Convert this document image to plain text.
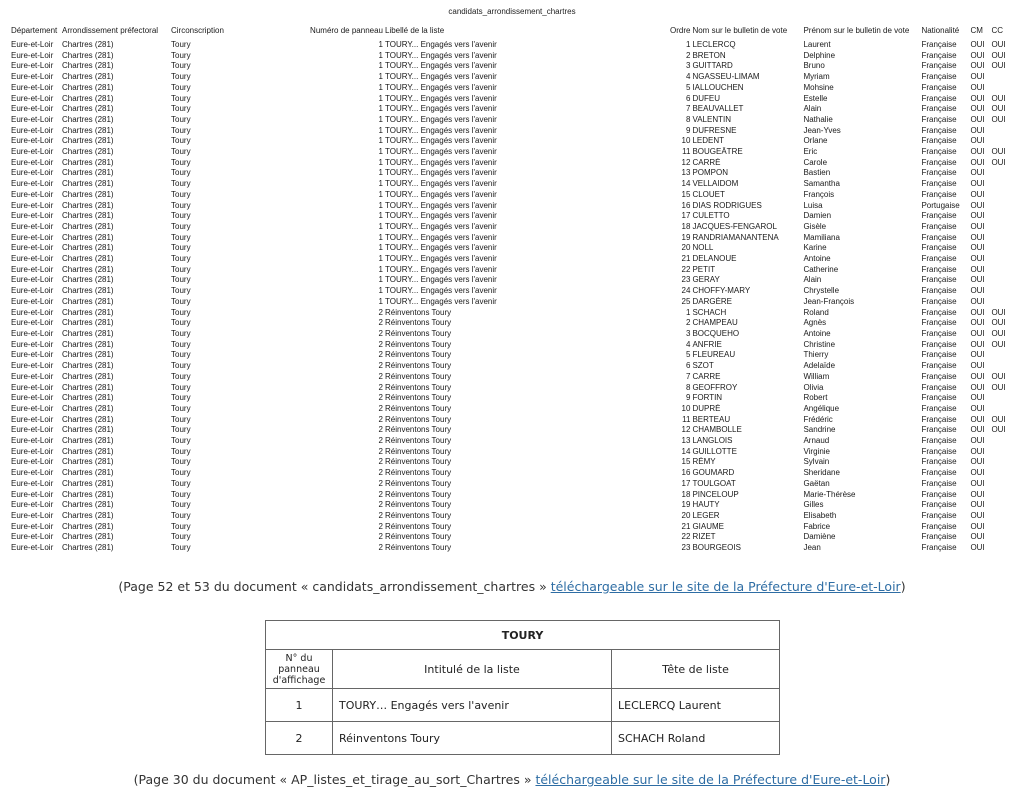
candidats_arrondissement_chartres
Département	Arrondissement préfectoral	Circonscription	Numéro de panneau	Libellé de la liste	Ordre	Nom sur le bulletin de vote	Prénom sur le bulletin de vote	Nationalité	CM	CC
Eure-et-Loir	Chartres (281)	Toury	1	TOURY... Engagés vers l'avenir	1	LECLERCQ	Laurent	Française	OUI	OUI
Eure-et-Loir	Chartres (281)	Toury	1	TOURY... Engagés vers l'avenir	2	BRETON	Delphine	Française	OUI	OUI
Eure-et-Loir	Chartres (281)	Toury	1	TOURY... Engagés vers l'avenir	3	GUITTARD	Bruno	Française	OUI	OUI
Eure-et-Loir	Chartres (281)	Toury	1	TOURY... Engagés vers l'avenir	4	NGASSEU-LIMAM	Myriam	Française	OUI	
Eure-et-Loir	Chartres (281)	Toury	1	TOURY... Engagés vers l'avenir	5	IALLOUCHEN	Mohsine	Française	OUI	
Eure-et-Loir	Chartres (281)	Toury	1	TOURY... Engagés vers l'avenir	6	DUFEU	Estelle	Française	OUI	OUI
Eure-et-Loir	Chartres (281)	Toury	1	TOURY... Engagés vers l'avenir	7	BEAUVALLET	Alain	Française	OUI	OUI
Eure-et-Loir	Chartres (281)	Toury	1	TOURY... Engagés vers l'avenir	8	VALENTIN	Nathalie	Française	OUI	OUI
Eure-et-Loir	Chartres (281)	Toury	1	TOURY... Engagés vers l'avenir	9	DUFRESNE	Jean-Yves	Française	OUI	
Eure-et-Loir	Chartres (281)	Toury	1	TOURY... Engagés vers l'avenir	10	LEDENT	Orlane	Française	OUI	
Eure-et-Loir	Chartres (281)	Toury	1	TOURY... Engagés vers l'avenir	11	BOUGEÂTRE	Eric	Française	OUI	OUI
Eure-et-Loir	Chartres (281)	Toury	1	TOURY... Engagés vers l'avenir	12	CARRÉ	Carole	Française	OUI	OUI
Eure-et-Loir	Chartres (281)	Toury	1	TOURY... Engagés vers l'avenir	13	POMPON	Bastien	Française	OUI	
Eure-et-Loir	Chartres (281)	Toury	1	TOURY... Engagés vers l'avenir	14	VELLAIDOM	Samantha	Française	OUI	
Eure-et-Loir	Chartres (281)	Toury	1	TOURY... Engagés vers l'avenir	15	CLOUET	François	Française	OUI	
Eure-et-Loir	Chartres (281)	Toury	1	TOURY... Engagés vers l'avenir	16	DIAS RODRIGUES	Luisa	Portugaise	OUI	
Eure-et-Loir	Chartres (281)	Toury	1	TOURY... Engagés vers l'avenir	17	CULETTO	Damien	Française	OUI	
Eure-et-Loir	Chartres (281)	Toury	1	TOURY... Engagés vers l'avenir	18	JACQUES-FENGAROL	Gisèle	Française	OUI	
Eure-et-Loir	Chartres (281)	Toury	1	TOURY... Engagés vers l'avenir	19	RANDRIAMANANTENA	Mamiliana	Française	OUI	
Eure-et-Loir	Chartres (281)	Toury	1	TOURY... Engagés vers l'avenir	20	NOLL	Karine	Française	OUI	
Eure-et-Loir	Chartres (281)	Toury	1	TOURY... Engagés vers l'avenir	21	DELANOUE	Antoine	Française	OUI	
Eure-et-Loir	Chartres (281)	Toury	1	TOURY... Engagés vers l'avenir	22	PETIT	Catherine	Française	OUI	
Eure-et-Loir	Chartres (281)	Toury	1	TOURY... Engagés vers l'avenir	23	GERAY	Alain	Française	OUI	
Eure-et-Loir	Chartres (281)	Toury	1	TOURY... Engagés vers l'avenir	24	CHOFFY-MARY	Chrystelle	Française	OUI	
Eure-et-Loir	Chartres (281)	Toury	1	TOURY... Engagés vers l'avenir	25	DARGÈRE	Jean-François	Française	OUI	
Eure-et-Loir	Chartres (281)	Toury	2	Réinventons Toury	1	SCHACH	Roland	Française	OUI	OUI
Eure-et-Loir	Chartres (281)	Toury	2	Réinventons Toury	2	CHAMPEAU	Agnès	Française	OUI	OUI
Eure-et-Loir	Chartres (281)	Toury	2	Réinventons Toury	3	BOCQUEHO	Antoine	Française	OUI	OUI
Eure-et-Loir	Chartres (281)	Toury	2	Réinventons Toury	4	ANFRIE	Christine	Française	OUI	OUI
Eure-et-Loir	Chartres (281)	Toury	2	Réinventons Toury	5	FLEUREAU	Thierry	Française	OUI	
Eure-et-Loir	Chartres (281)	Toury	2	Réinventons Toury	6	SZOT	Adelaïde	Française	OUI	
Eure-et-Loir	Chartres (281)	Toury	2	Réinventons Toury	7	CARRE	William	Française	OUI	OUI
Eure-et-Loir	Chartres (281)	Toury	2	Réinventons Toury	8	GEOFFROY	Olivia	Française	OUI	OUI
Eure-et-Loir	Chartres (281)	Toury	2	Réinventons Toury	9	FORTIN	Robert	Française	OUI	
Eure-et-Loir	Chartres (281)	Toury	2	Réinventons Toury	10	DUPRÉ	Angélique	Française	OUI	
Eure-et-Loir	Chartres (281)	Toury	2	Réinventons Toury	11	BERTEAU	Frédéric	Française	OUI	OUI
Eure-et-Loir	Chartres (281)	Toury	2	Réinventons Toury	12	CHAMBOLLE	Sandrine	Française	OUI	OUI
Eure-et-Loir	Chartres (281)	Toury	2	Réinventons Toury	13	LANGLOIS	Arnaud	Française	OUI	
Eure-et-Loir	Chartres (281)	Toury	2	Réinventons Toury	14	GUILLOTTE	Virginie	Française	OUI	
Eure-et-Loir	Chartres (281)	Toury	2	Réinventons Toury	15	RÉMY	Sylvain	Française	OUI	
Eure-et-Loir	Chartres (281)	Toury	2	Réinventons Toury	16	GOUMARD	Sheridane	Française	OUI	
Eure-et-Loir	Chartres (281)	Toury	2	Réinventons Toury	17	TOULGOAT	Gaëtan	Française	OUI	
Eure-et-Loir	Chartres (281)	Toury	2	Réinventons Toury	18	PINCELOUP	Marie-Thérèse	Française	OUI	
Eure-et-Loir	Chartres (281)	Toury	2	Réinventons Toury	19	HAUTY	Gilles	Française	OUI	
Eure-et-Loir	Chartres (281)	Toury	2	Réinventons Toury	20	LEGER	Elisabeth	Française	OUI	
Eure-et-Loir	Chartres (281)	Toury	2	Réinventons Toury	21	GIAUME	Fabrice	Française	OUI	
Eure-et-Loir	Chartres (281)	Toury	2	Réinventons Toury	22	RIZET	Damiène	Française	OUI	
Eure-et-Loir	Chartres (281)	Toury	2	Réinventons Toury	23	BOURGEOIS	Jean	Française	OUI	
(Page 52 et 53 du document « candidats_arrondissement_chartres » téléchargeable sur le site de la Préfecture d'Eure-et-Loir)
TOURY		
N° du panneau d'affichage	Intitulé de la liste	Tête de liste
1	TOURY… Engagés vers l'avenir	LECLERCQ Laurent
2	Réinventons Toury	SCHACH Roland
(Page 30 du document « AP_listes_et_tirage_au_sort_Chartres » téléchargeable sur le site de la Préfecture d'Eure-et-Loir)
